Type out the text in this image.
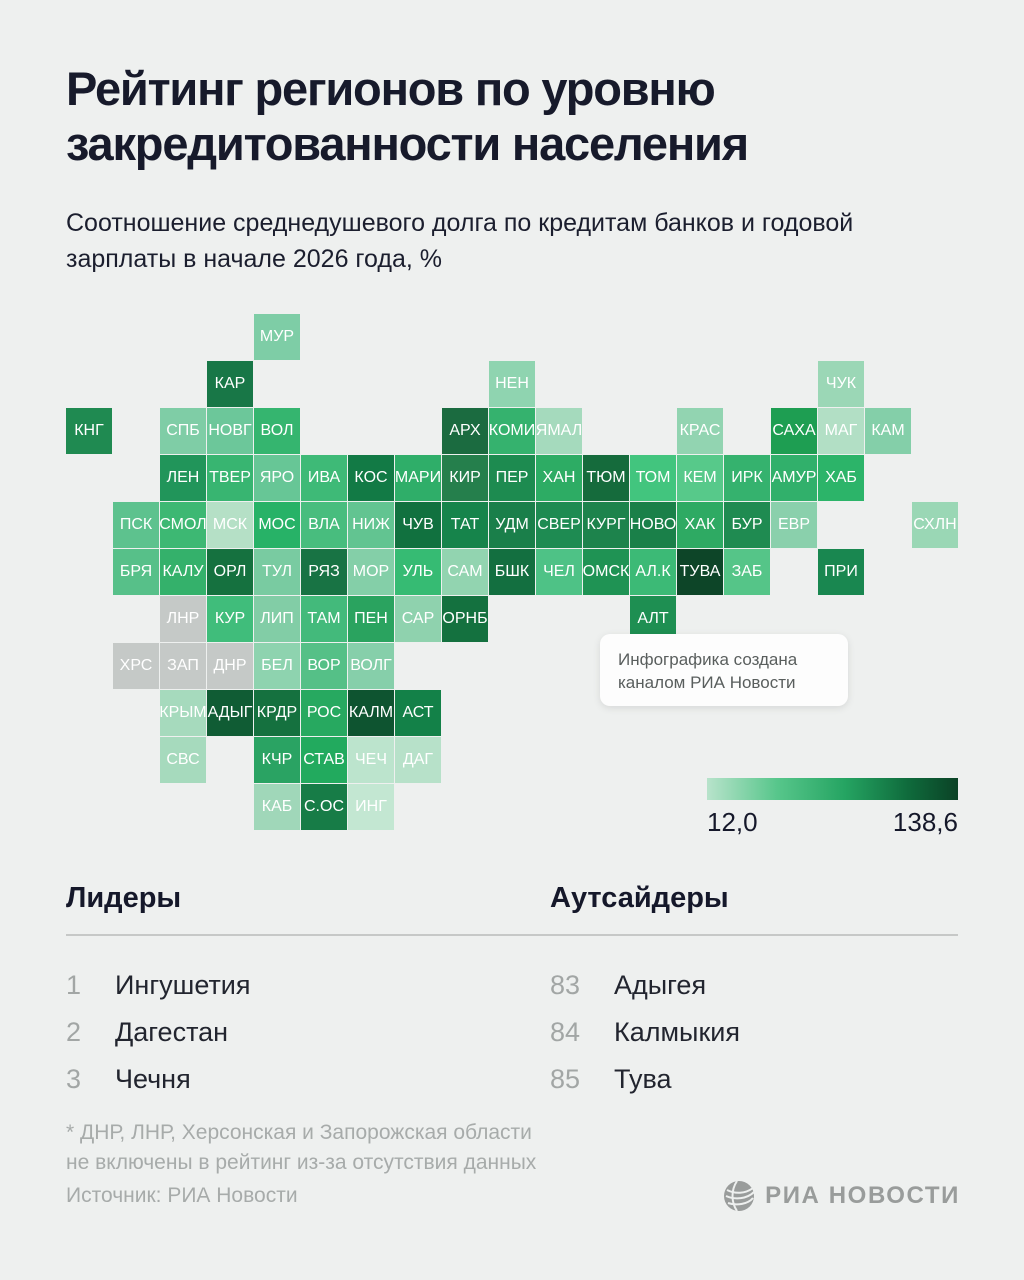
Рейтинг регионов по уровню закредитованности населения

Соотношение среднедушевого долга по кредитам банков и годовой зарплаты в начале 2026 года, %

ИНГ
С.ОС
КАБ
ДАГ
ЧЕЧ
СТАВ
КЧР
СВС
АСТ
КАЛМ
РОС
КРДР
АДЫГ
КРЫМ
ВОЛГ
ВОР
БЕЛ
ДНР
ЗАП
ХРС
АЛТ
ОРНБ
САР
ПЕН
ТАМ
ЛИП
КУР
ЛНР
ПРИ
ЗАБ
ТУВА
АЛ.К
ОМСК
ЧЕЛ
БШК
САМ
УЛЬ
МОР
РЯЗ
ТУЛ
ОРЛ
КАЛУ
БРЯ
СХЛН
ЕВР
БУР
ХАК
НОВО
КУРГ
СВЕР
УДМ
ТАТ
ЧУВ
НИЖ
ВЛА
МОС
МСК
СМОЛ
ПСК
ХАБ
АМУР
ИРК
КЕМ
ТОМ
ТЮМ
ХАН
ПЕР
КИР
МАРИ
КОС
ИВА
ЯРО
ТВЕР
ЛЕН
КАМ
МАГ
САХА
КРАС
ЯМАЛ
КОМИ
АРХ
ВОЛ
НОВГ
СПБ
КНГ
ЧУК
НЕН
КАР
МУР
Инфографика создана
каналом РИА Новости
12,0	138,6
Лидеры	Аутсайдеры
1	Ингушетия
2	Дагестан
3	Чечня
83	Адыгея
84	Калмыкия
85	Тува
* ДНР, ЛНР, Херсонская и Запорожская области
не включены в рейтинг из-за отсутствия данных
Источник: РИА Новости	РИА НОВОСТИ
